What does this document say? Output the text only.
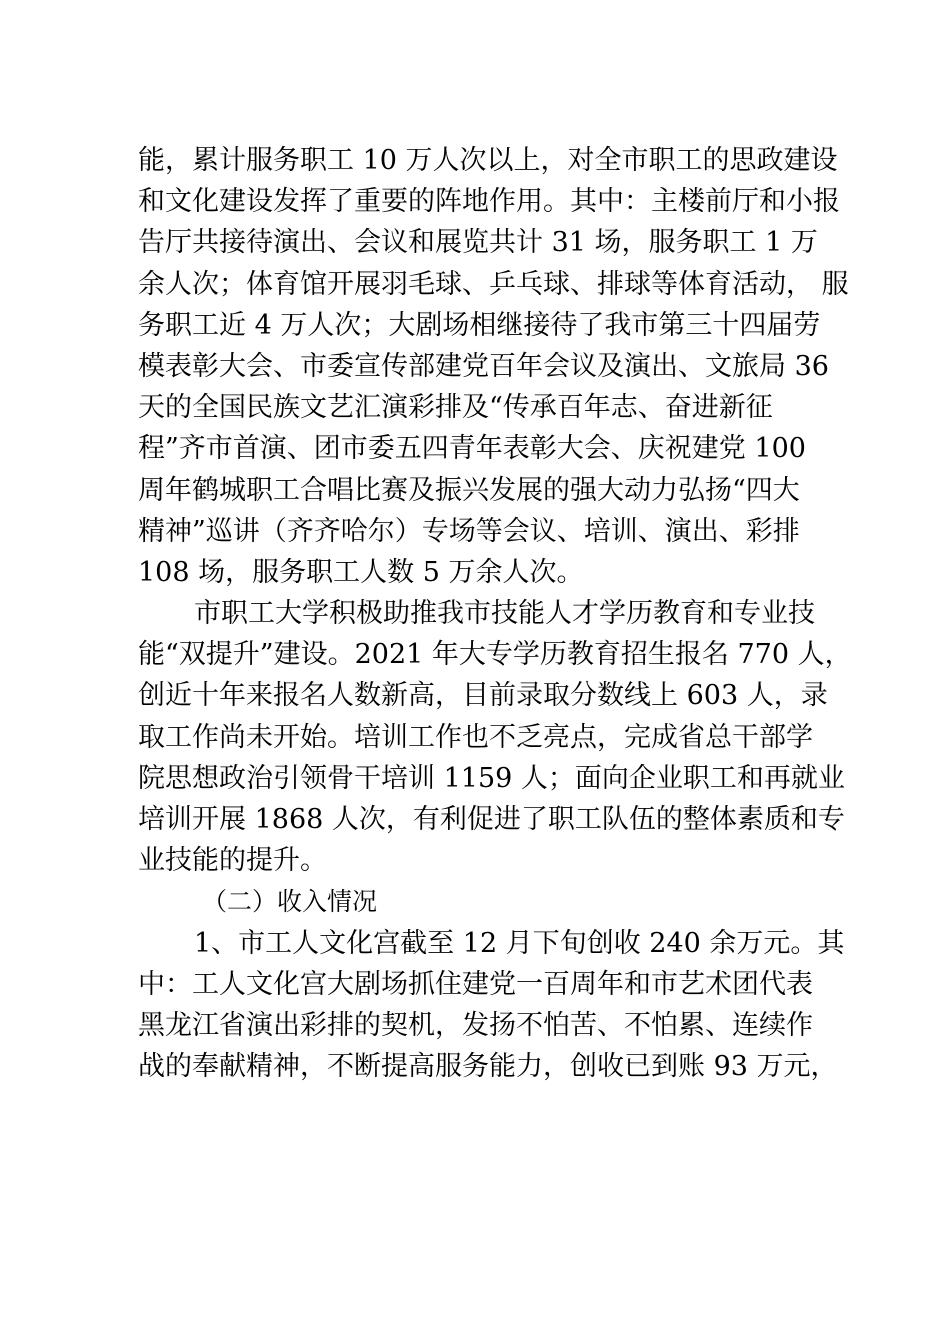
能，累计服务职工 10 万人次以上，对全市职工的思政建设
和文化建设发挥了重要的阵地作用。其中：主楼前厅和小报
告厅共接待演出、会议和展览共计 31 场，服务职工 1 万
余人次；体育馆开展羽毛球、乒乓球、排球等体育活动， 服
务职工近 4 万人次；大剧场相继接待了我市第三十四届劳
模表彰大会、市委宣传部建党百年会议及演出、文旅局 36
天的全国民族文艺汇演彩排及“传承百年志、奋进新征
程”齐市首演、团市委五四青年表彰大会、庆祝建党 100
周年鹤城职工合唱比赛及振兴发展的强大动力弘扬“四大
精神”巡讲（齐齐哈尔）专场等会议、培训、演出、彩排
108 场，服务职工人数 5 万余人次。
市职工大学积极助推我市技能人才学历教育和专业技
能“双提升”建设。2021 年大专学历教育招生报名 770 人，
创近十年来报名人数新高，目前录取分数线上 603 人，录
取工作尚未开始。培训工作也不乏亮点，完成省总干部学
院思想政治引领骨干培训 1159 人；面向企业职工和再就业
培训开展 1868 人次，有利促进了职工队伍的整体素质和专
业技能的提升。
（二）收入情况
1、市工人文化宫截至 12 月下旬创收 240 余万元。其
中：工人文化宫大剧场抓住建党一百周年和市艺术团代表
黑龙江省演出彩排的契机，发扬不怕苦、不怕累、连续作
战的奉献精神，不断提高服务能力，创收已到账 93 万元，
